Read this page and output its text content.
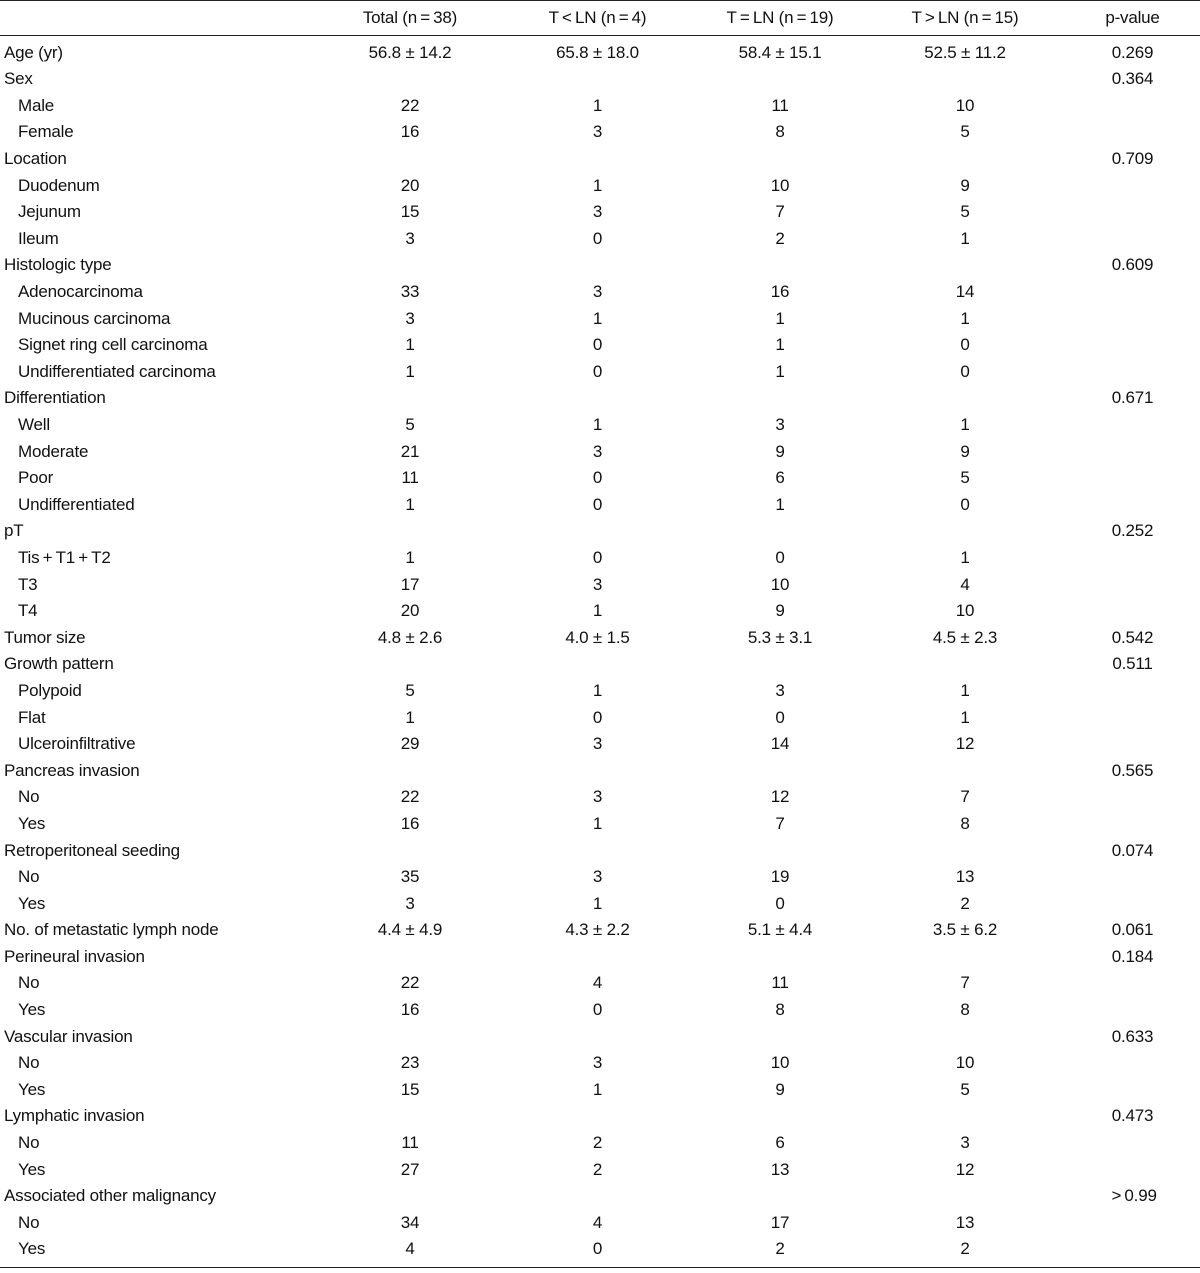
	Total (n = 38)	T < LN (n = 4)	T = LN (n = 19)	T > LN (n = 15)	p-value
Age (yr)	56.8 ± 14.2	65.8 ± 18.0	58.4 ± 15.1	52.5 ± 11.2	0.269
Sex					0.364
Male	22	1	11	10	
Female	16	3	8	5	
Location					0.709
Duodenum	20	1	10	9	
Jejunum	15	3	7	5	
Ileum	3	0	2	1	
Histologic type					0.609
Adenocarcinoma	33	3	16	14	
Mucinous carcinoma	3	1	1	1	
Signet ring cell carcinoma	1	0	1	0	
Undifferentiated carcinoma	1	0	1	0	
Differentiation					0.671
Well	5	1	3	1	
Moderate	21	3	9	9	
Poor	11	0	6	5	
Undifferentiated	1	0	1	0	
pT					0.252
Tis + T1 + T2	1	0	0	1	
T3	17	3	10	4	
T4	20	1	9	10	
Tumor size	4.8 ± 2.6	4.0 ± 1.5	5.3 ± 3.1	4.5 ± 2.3	0.542
Growth pattern					0.511
Polypoid	5	1	3	1	
Flat	1	0	0	1	
Ulceroinfiltrative	29	3	14	12	
Pancreas invasion					0.565
No	22	3	12	7	
Yes	16	1	7	8	
Retroperitoneal seeding					0.074
No	35	3	19	13	
Yes	3	1	0	2	
No. of metastatic lymph node	4.4 ± 4.9	4.3 ± 2.2	5.1 ± 4.4	3.5 ± 6.2	0.061
Perineural invasion					0.184
No	22	4	11	7	
Yes	16	0	8	8	
Vascular invasion					0.633
No	23	3	10	10	
Yes	15	1	9	5	
Lymphatic invasion					0.473
No	11	2	6	3	
Yes	27	2	13	12	
Associated other malignancy					 > 0.99
No	34	4	17	13	
Yes	4	0	2	2	
